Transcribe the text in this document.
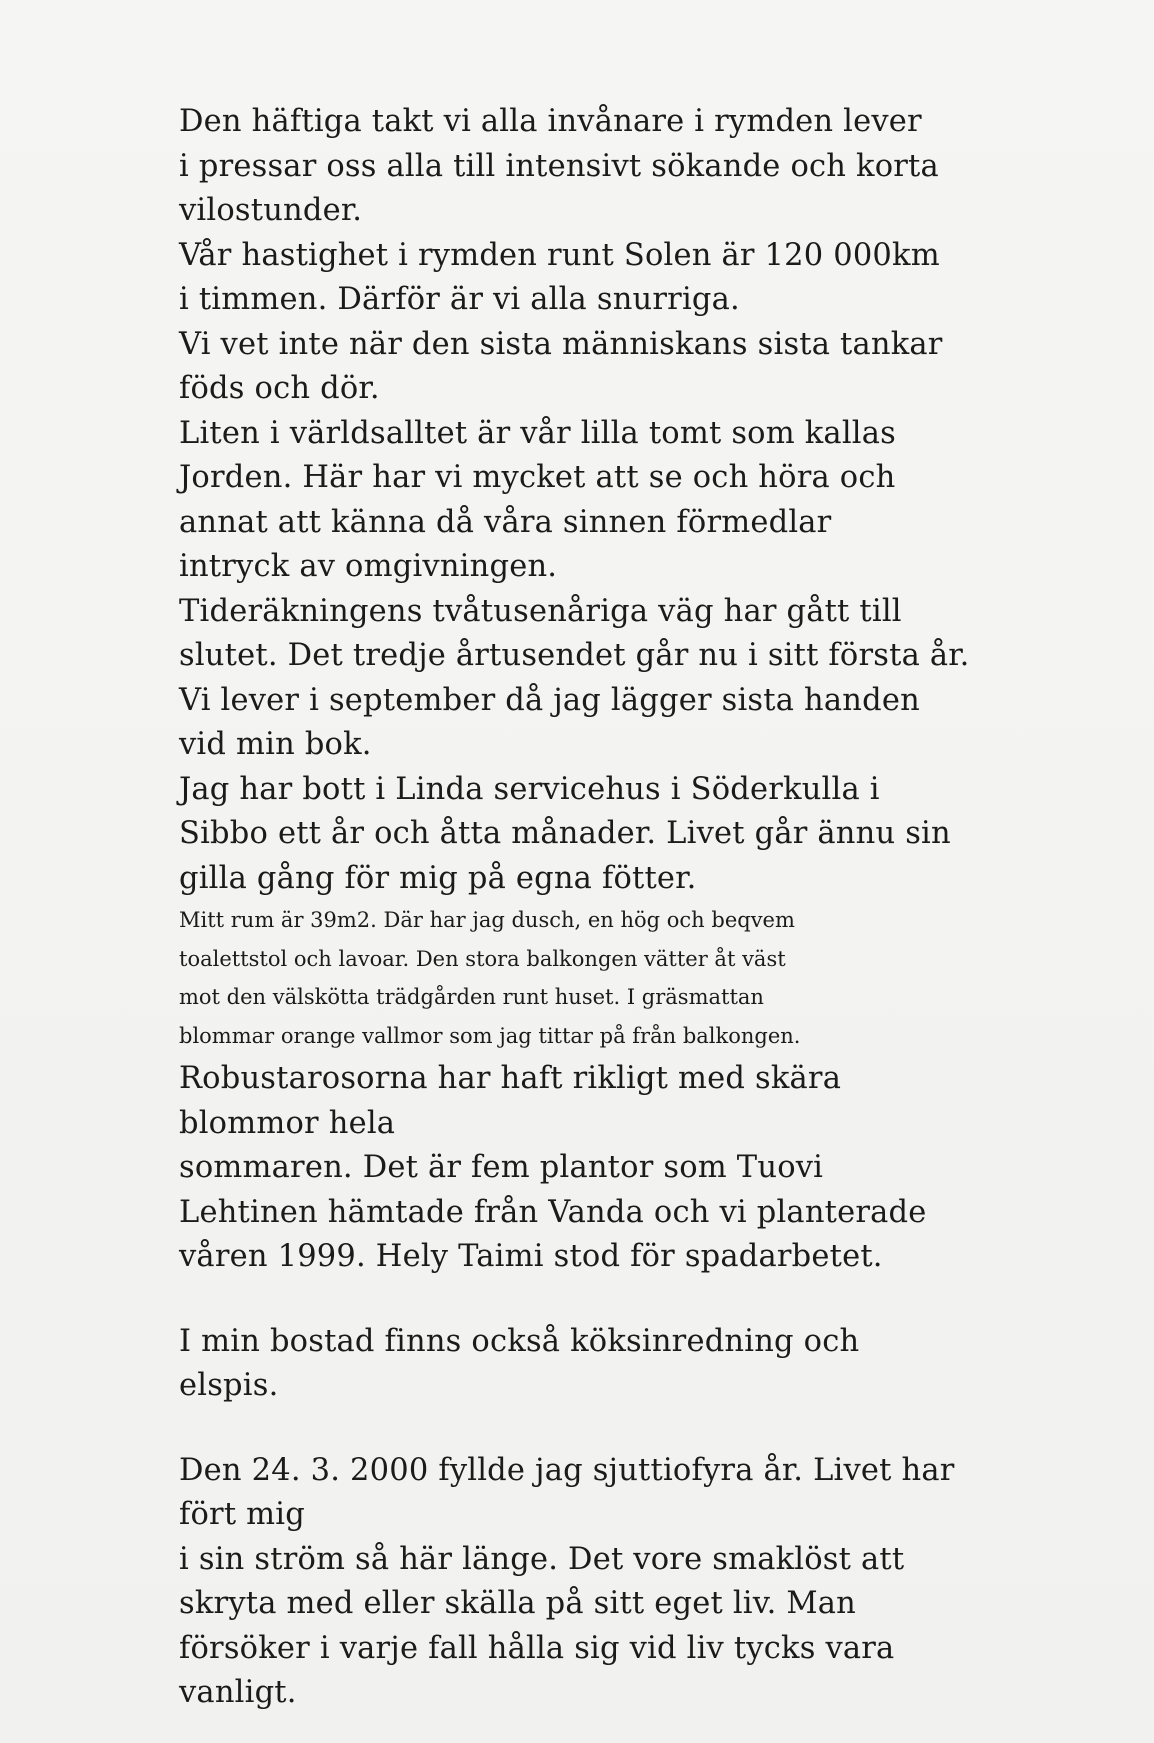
Den häftiga takt vi alla invånare i rymden lever
i pressar oss alla till intensivt sökande och korta
vilostunder.
Vår hastighet i rymden runt Solen är 120 000km
i timmen. Därför är vi alla snurriga.
Vi vet inte när den sista människans sista tankar
föds och dör.
Liten i världsalltet är vår lilla tomt som kallas
Jorden. Här har vi mycket att se och höra och
annat att känna då våra sinnen förmedlar
intryck av omgivningen.
Tideräkningens tvåtusenåriga väg har gått till
slutet. Det tredje årtusendet går nu i sitt första år.
Vi lever i september då jag lägger sista handen
vid min bok.
Jag har bott i Linda servicehus i Söderkulla i
Sibbo ett år och åtta månader. Livet går ännu sin
gilla gång för mig på egna fötter.
Mitt rum är 39m2. Där har jag dusch, en hög och beqvem
toalettstol och lavoar. Den stora balkongen vätter åt väst
mot den välskötta trädgården runt huset. I gräsmattan
blommar orange vallmor som jag tittar på från balkongen.
Robustarosorna har haft rikligt med skära
blommor hela
sommaren. Det är fem plantor som Tuovi
Lehtinen hämtade från Vanda och vi planterade
våren 1999. Hely Taimi stod för spadarbetet.
I min bostad finns också köksinredning och
elspis.
Den 24. 3. 2000 fyllde jag sjuttiofyra år. Livet har
fört mig
i sin ström så här länge. Det vore smaklöst att
skryta med eller skälla på sitt eget liv. Man
försöker i varje fall hålla sig vid liv tycks vara
vanligt.
